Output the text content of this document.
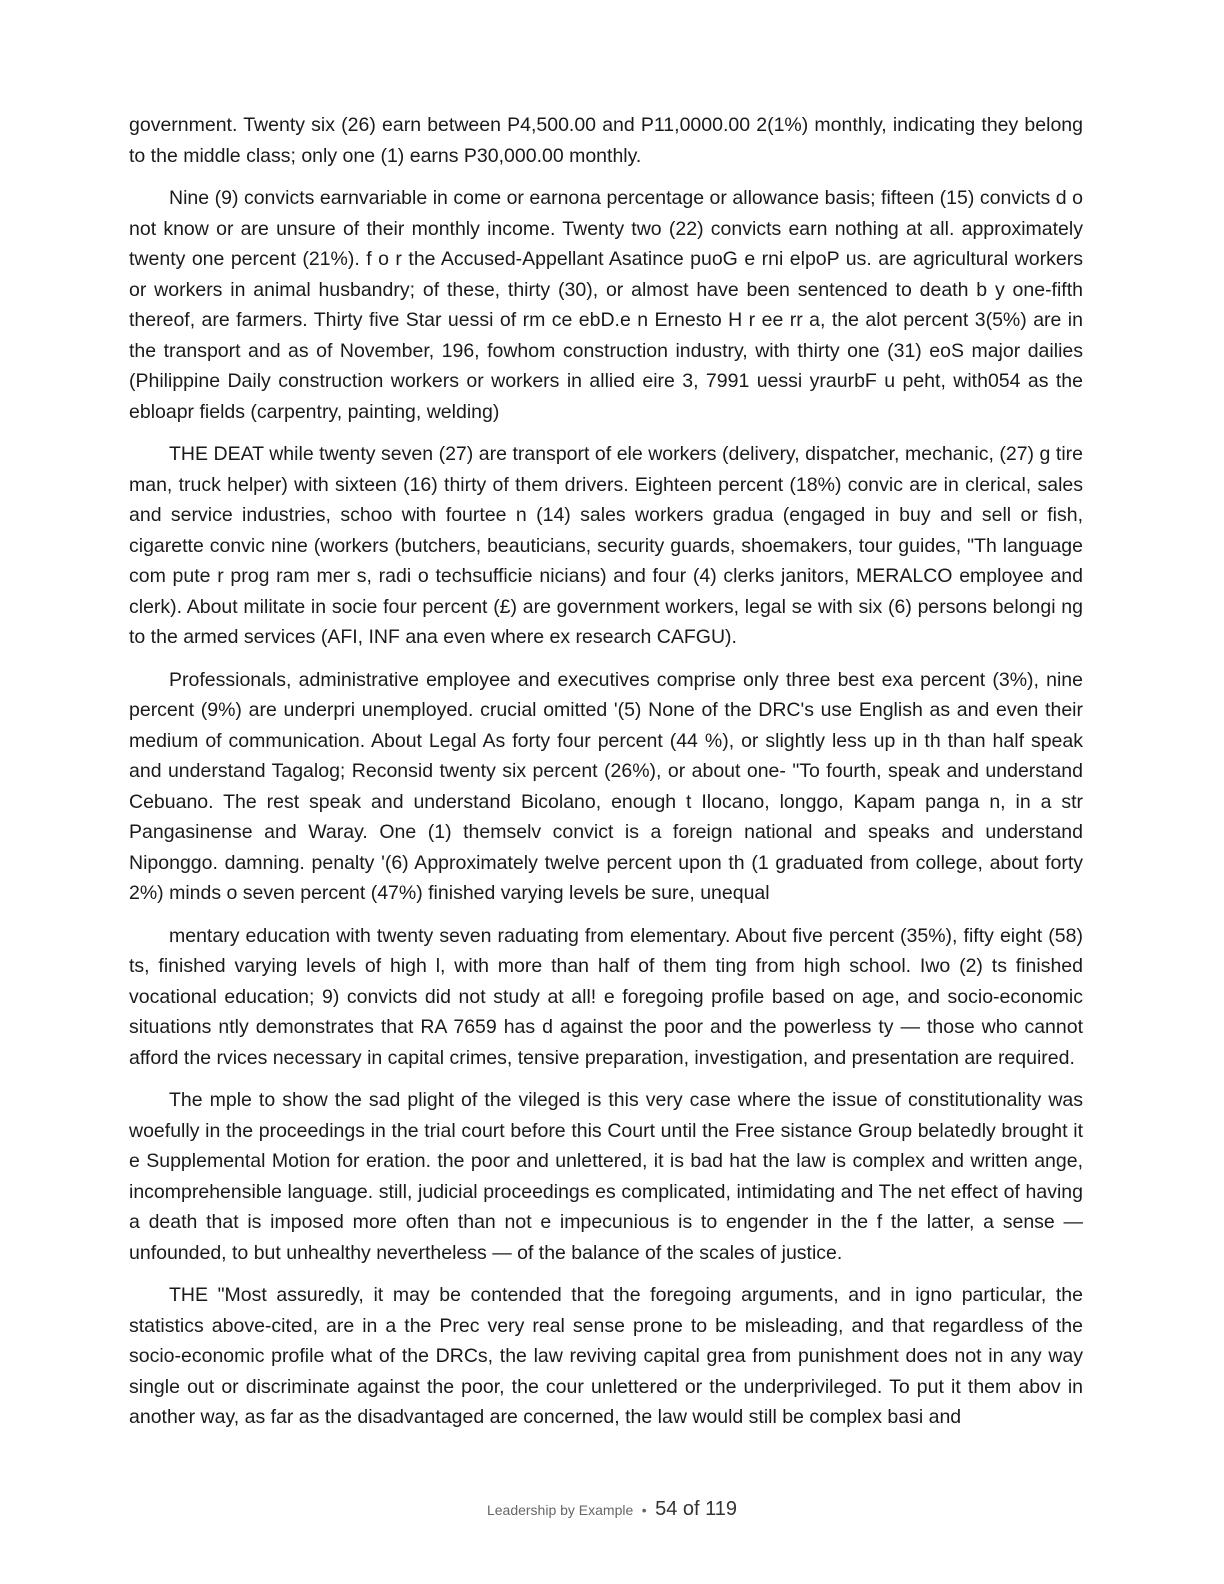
government. Twenty six (26) earn between P4,500.00 and P11,0000.00 2(1%) monthly, indicating they belong to the middle class; only one (1) earns P30,000.00 monthly.

Nine (9) convicts earnvariable in come or earnona percentage or allowance basis; fifteen (15) convicts d o not know or are unsure of their monthly income. Twenty two (22) convicts earn nothing at all. approximately twenty one percent (21%). f o r the Accused-Appellant Asatince puoG e rni elpoP us. are agricultural workers or workers in animal husbandry; of these, thirty (30), or almost have been sentenced to death b y one-fifth thereof, are farmers. Thirty five Star uessi of rm ce ebD.e n Ernesto H r ee rr a, the alot percent 3(5%) are in the transport and as of November, 196, fowhom construction industry, with thirty one (31) eoS major dailies (Philippine Daily construction workers or workers in allied eire 3, 7991 uessi yraurbF u peht, with054 as the ebloapr fields (carpentry, painting, welding)

THE DEAT while twenty seven (27) are transport of ele workers (delivery, dispatcher, mechanic, (27) g tire man, truck helper) with sixteen (16) thirty of them drivers. Eighteen percent (18%) convic are in clerical, sales and service industries, schoo with fourtee n (14) sales workers gradua (engaged in buy and sell or fish, cigarette convic nine (workers (butchers, beauticians, security guards, shoemakers, tour guides, "Th language com pute r prog ram mer s, radi o techsufficie nicians) and four (4) clerks janitors, MERALCO employee and clerk). About militate in socie four percent (£) are government workers, legal se with six (6) persons belongi ng to the armed services (AFI, INF ana even where ex research CAFGU).

Professionals, administrative employee and executives comprise only three best exa percent (3%), nine percent (9%) are underpri unemployed. crucial omitted '(5) None of the DRC's use English as and even their medium of communication. About Legal As forty four percent (44 %), or slightly less up in th than half speak and understand Tagalog; Reconsid twenty six percent (26%), or about one- "To fourth, speak and understand Cebuano. The rest speak and understand Bicolano, enough t Ilocano, longgo, Kapam panga n, in a str Pangasinense and Waray. One (1) themselv convict is a foreign national and speaks and understand Niponggo. damning. penalty '(6) Approximately twelve percent upon th (1 graduated from college, about forty 2%) minds o seven percent (47%) finished varying levels be sure, unequal

mentary education with twenty seven raduating from elementary. About five percent (35%), fifty eight (58) ts, finished varying levels of high l, with more than half of them ting from high school. Iwo (2) ts finished vocational education; 9) convicts did not study at all! e foregoing profile based on age, and socio-economic situations ntly demonstrates that RA 7659 has d against the poor and the powerless ty — those who cannot afford the rvices necessary in capital crimes, tensive preparation, investigation, and presentation are required.

The mple to show the sad plight of the vileged is this very case where the issue of constitutionality was woefully in the proceedings in the trial court before this Court until the Free sistance Group belatedly brought it e Supplemental Motion for eration. the poor and unlettered, it is bad hat the law is complex and written ange, incomprehensible language. still, judicial proceedings es complicated, intimidating and The net effect of having a death that is imposed more often than not e impecunious is to engender in the f the latter, a sense —unfounded, to but unhealthy nevertheless — of the balance of the scales of justice.

THE "Most assuredly, it may be contended that the foregoing arguments, and in igno particular, the statistics above-cited, are in a the Prec very real sense prone to be misleading, and that regardless of the socio-economic profile what of the DRCs, the law reviving capital grea from punishment does not in any way single out or discriminate against the poor, the cour unlettered or the underprivileged. To put it them abov in another way, as far as the disadvantaged are concerned, the law would still be complex basi and

Leadership by Example • 54 of 119
